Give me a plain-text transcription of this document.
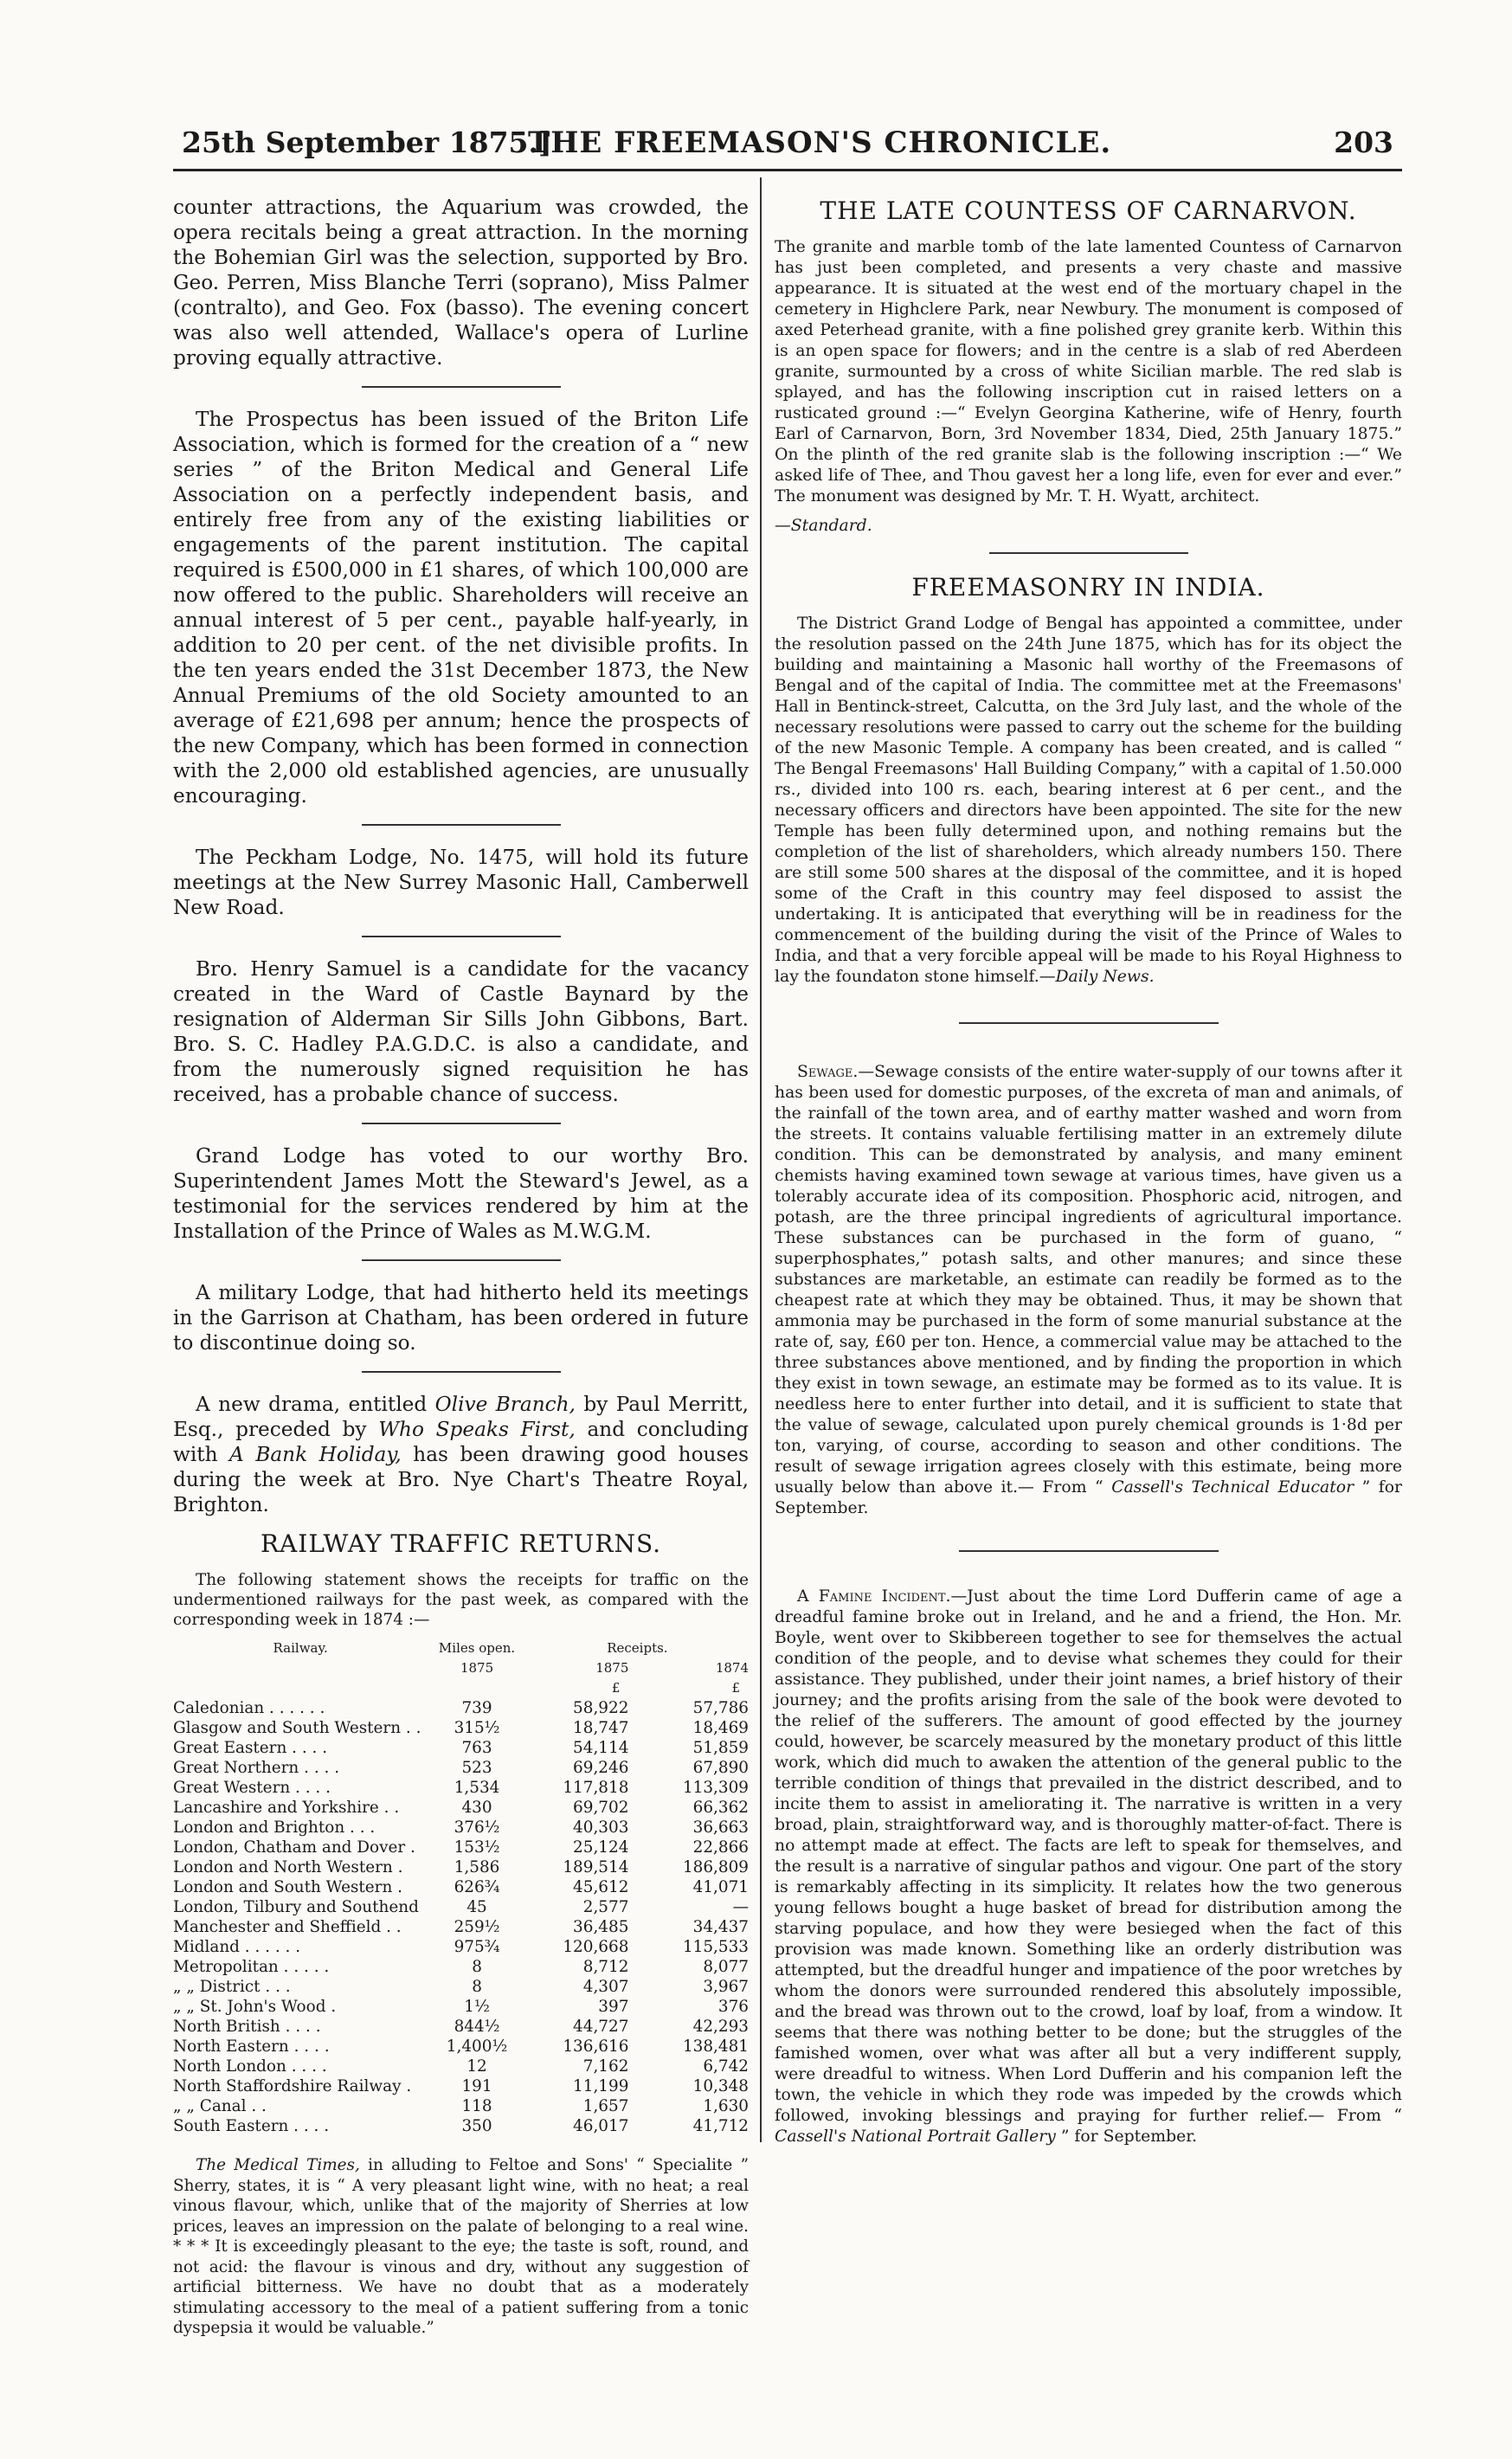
25th September 1875.]
THE FREEMASON'S CHRONICLE.	203

counter attractions, the Aquarium was crowded, the opera recitals being a great attraction. In the morning the Bohemian Girl was the selection, supported by Bro. Geo. Perren, Miss Blanche Terri (soprano), Miss Palmer (contralto), and Geo. Fox (basso). The evening concert was also well attended, Wallace's opera of Lurline proving equally attractive.

The Prospectus has been issued of the Briton Life Association, which is formed for the creation of a “ new series ” of the Briton Medical and General Life Association on a perfectly independent basis, and entirely free from any of the existing liabilities or engagements of the parent institution. The capital required is £500,000 in £1 shares, of which 100,000 are now offered to the public. Shareholders will receive an annual interest of 5 per cent., payable half-yearly, in addition to 20 per cent. of the net divisible profits. In the ten years ended the 31st December 1873, the New Annual Premiums of the old Society amounted to an average of £21,698 per annum; hence the prospects of the new Company, which has been formed in connection with the 2,000 old established agencies, are unusually encouraging.

The Peckham Lodge, No. 1475, will hold its future meetings at the New Surrey Masonic Hall, Camberwell New Road.

Bro. Henry Samuel is a candidate for the vacancy created in the Ward of Castle Baynard by the resignation of Alderman Sir Sills John Gibbons, Bart. Bro. S. C. Hadley P.A.G.D.C. is also a candidate, and from the numerously signed requisition he has received, has a probable chance of success.

Grand Lodge has voted to our worthy Bro. Superintendent James Mott the Steward's Jewel, as a testimonial for the services rendered by him at the Installation of the Prince of Wales as M.W.G.M.

A military Lodge, that had hitherto held its meetings in the Garrison at Chatham, has been ordered in future to discontinue doing so.

A new drama, entitled Olive Branch, by Paul Merritt, Esq., preceded by Who Speaks First, and concluding with A Bank Holiday, has been drawing good houses during the week at Bro. Nye Chart's Theatre Royal, Brighton.

RAILWAY TRAFFIC RETURNS.

The following statement shows the receipts for traffic on the undermentioned railways for the past week, as compared with the corresponding week in 1874 :—

Railway.	Miles open.	Receipts.	
	1875	1875	1874
		£	£
Caledonian . . . . . .	739	58,922	57,786
Glasgow and South Western . .	315½	18,747	18,469
Great Eastern . . . .	763	54,114	51,859
Great Northern . . . .	523	69,246	67,890
Great Western . . . .	1,534	117,818	113,309
Lancashire and Yorkshire . .	430	69,702	66,362
London and Brighton . . .	376½	40,303	36,663
London, Chatham and Dover .	153½	25,124	22,866
London and North Western .	1,586	189,514	186,809
London and South Western .	626¾	45,612	41,071
London, Tilbury and Southend	45	2,577	—
Manchester and Sheffield . .	259½	36,485	34,437
Midland . . . . . .	975¾	120,668	115,533
Metropolitan . . . . .	8	8,712	8,077
„ „ District . . .	8	4,307	3,967
„ „ St. John's Wood .	1½	397	376
North British . . . .	844½	44,727	42,293
North Eastern . . . .	1,400½	136,616	138,481
North London . . . .	12	7,162	6,742
North Staffordshire Railway .	191	11,199	10,348
„ „ Canal . .	118	1,657	1,630
South Eastern . . . .	350	46,017	41,712

The Medical Times, in alluding to Feltoe and Sons' “ Specialite ” Sherry, states, it is “ A very pleasant light wine, with no heat; a real vinous flavour, which, unlike that of the majority of Sherries at low prices, leaves an impression on the palate of belonging to a real wine. * * * It is exceedingly pleasant to the eye; the taste is soft, round, and not acid: the flavour is vinous and dry, without any suggestion of artificial bitterness. We have no doubt that as a moderately stimulating accessory to the meal of a patient suffering from a tonic dyspepsia it would be valuable.”

THE LATE COUNTESS OF CARNARVON.

The granite and marble tomb of the late lamented Countess of Carnarvon has just been completed, and presents a very chaste and massive appearance. It is situated at the west end of the mortuary chapel in the cemetery in Highclere Park, near Newbury. The monument is composed of axed Peterhead granite, with a fine polished grey granite kerb. Within this is an open space for flowers; and in the centre is a slab of red Aberdeen granite, surmounted by a cross of white Sicilian marble. The red slab is splayed, and has the following inscription cut in raised letters on a rusticated ground :—“ Evelyn Georgina Katherine, wife of Henry, fourth Earl of Carnarvon, Born, 3rd November 1834, Died, 25th January 1875.” On the plinth of the red granite slab is the following inscription :—“ We asked life of Thee, and Thou gavest her a long life, even for ever and ever.” The monument was designed by Mr. T. H. Wyatt, architect.

—Standard.

FREEMASONRY IN INDIA.

The District Grand Lodge of Bengal has appointed a committee, under the resolution passed on the 24th June 1875, which has for its object the building and maintaining a Masonic hall worthy of the Freemasons of Bengal and of the capital of India. The committee met at the Freemasons' Hall in Bentinck-street, Calcutta, on the 3rd July last, and the whole of the necessary resolutions were passed to carry out the scheme for the building of the new Masonic Temple. A company has been created, and is called “ The Bengal Freemasons' Hall Building Company,” with a capital of 1.50.000 rs., divided into 100 rs. each, bearing interest at 6 per cent., and the necessary officers and directors have been appointed. The site for the new Temple has been fully determined upon, and nothing remains but the completion of the list of shareholders, which already numbers 150. There are still some 500 shares at the disposal of the committee, and it is hoped some of the Craft in this country may feel disposed to assist the undertaking. It is anticipated that everything will be in readiness for the commencement of the building during the visit of the Prince of Wales to India, and that a very forcible appeal will be made to his Royal Highness to lay the foundaton stone himself.—Daily News.

Sewage.—Sewage consists of the entire water-supply of our towns after it has been used for domestic purposes, of the excreta of man and animals, of the rainfall of the town area, and of earthy matter washed and worn from the streets. It contains valuable fertilising matter in an extremely dilute condition. This can be demonstrated by analysis, and many eminent chemists having examined town sewage at various times, have given us a tolerably accurate idea of its composition. Phosphoric acid, nitrogen, and potash, are the three principal ingredients of agricultural importance. These substances can be purchased in the form of guano, “ superphosphates,” potash salts, and other manures; and since these substances are marketable, an estimate can readily be formed as to the cheapest rate at which they may be obtained. Thus, it may be shown that ammonia may be purchased in the form of some manurial substance at the rate of, say, £60 per ton. Hence, a commercial value may be attached to the three substances above mentioned, and by finding the proportion in which they exist in town sewage, an estimate may be formed as to its value. It is needless here to enter further into detail, and it is sufficient to state that the value of sewage, calculated upon purely chemical grounds is 1·8d per ton, varying, of course, according to season and other conditions. The result of sewage irrigation agrees closely with this estimate, being more usually below than above it.— From “ Cassell's Technical Educator ” for September.

A Famine Incident.—Just about the time Lord Dufferin came of age a dreadful famine broke out in Ireland, and he and a friend, the Hon. Mr. Boyle, went over to Skibbereen together to see for themselves the actual condition of the people, and to devise what schemes they could for their assistance. They published, under their joint names, a brief history of their journey; and the profits arising from the sale of the book were devoted to the relief of the sufferers. The amount of good effected by the journey could, however, be scarcely measured by the monetary product of this little work, which did much to awaken the attention of the general public to the terrible condition of things that prevailed in the district described, and to incite them to assist in ameliorating it. The narrative is written in a very broad, plain, straightforward way, and is thoroughly matter-of-fact. There is no attempt made at effect. The facts are left to speak for themselves, and the result is a narrative of singular pathos and vigour. One part of the story is remarkably affecting in its simplicity. It relates how the two generous young fellows bought a huge basket of bread for distribution among the starving populace, and how they were besieged when the fact of this provision was made known. Something like an orderly distribution was attempted, but the dreadful hunger and impatience of the poor wretches by whom the donors were surrounded rendered this absolutely impossible, and the bread was thrown out to the crowd, loaf by loaf, from a window. It seems that there was nothing better to be done; but the struggles of the famished women, over what was after all but a very indifferent supply, were dreadful to witness. When Lord Dufferin and his companion left the town, the vehicle in which they rode was impeded by the crowds which followed, invoking blessings and praying for further relief.— From “ Cassell's National Portrait Gallery ” for September.
